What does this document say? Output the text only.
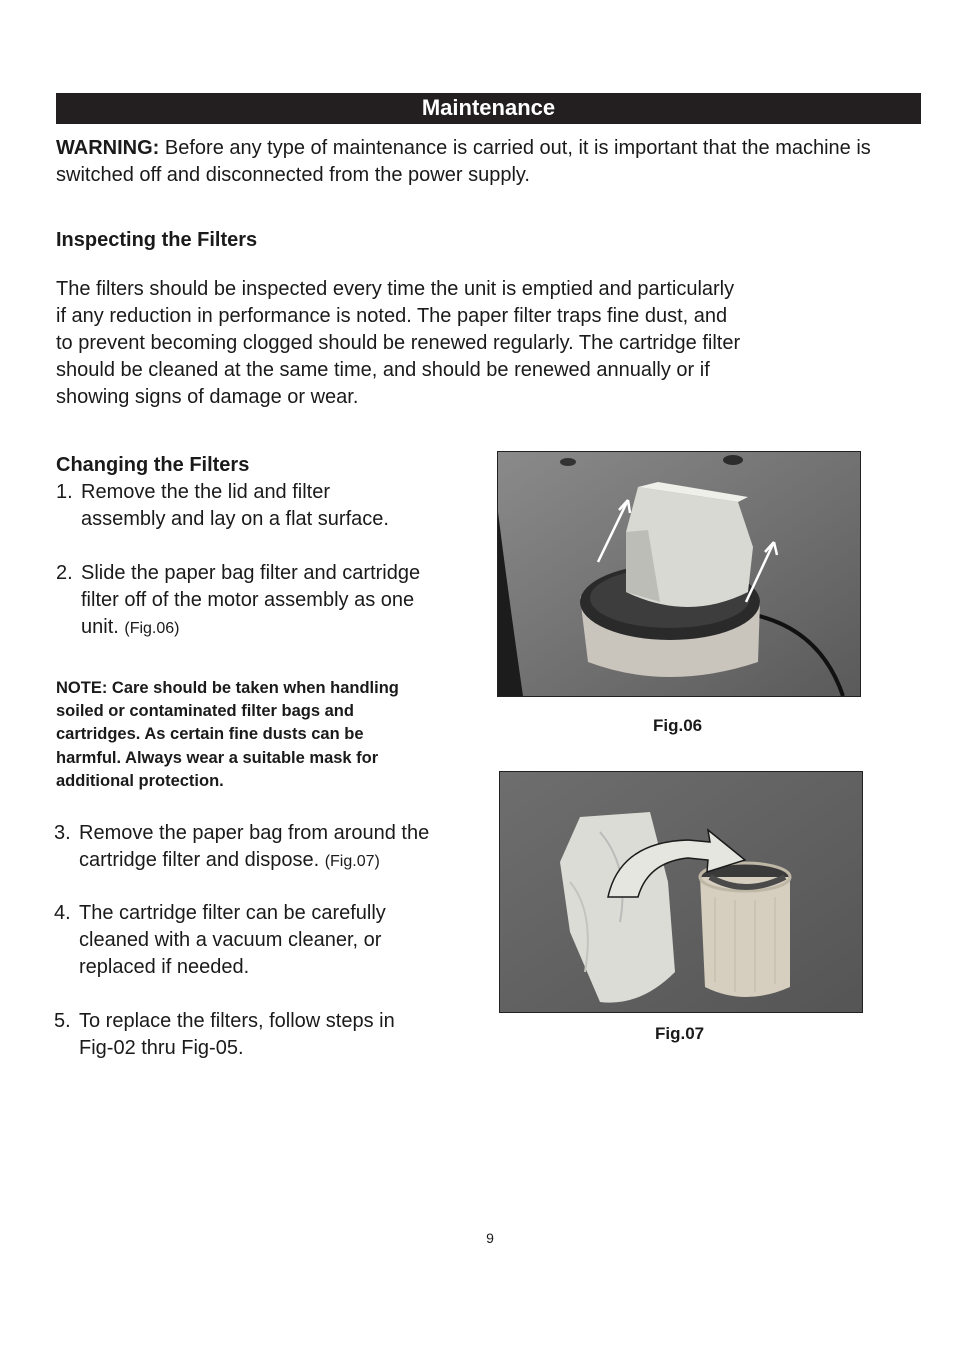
Maintenance
WARNING: Before any type of maintenance is carried out, it is important that the machine is switched off and disconnected from the power supply.
Inspecting the Filters
The filters should be inspected every time the unit is emptied and particularly
if any reduction in performance is noted. The paper filter traps fine dust, and
to prevent becoming clogged should be renewed regularly. The cartridge filter
should be cleaned at the same time, and should be renewed annually or if
showing signs of damage or wear.
Changing the Filters
1. Remove the the lid and filter
assembly and lay on a flat surface.
2. Slide the paper bag filter and cartridge
filter off of the motor assembly as one
unit. (Fig.06)
NOTE: Care should be taken when handling
soiled or contaminated filter bags and
cartridges. As certain fine dusts can be
harmful. Always wear a suitable mask for
additional protection.
3. Remove the paper bag from around the
cartridge filter and dispose. (Fig.07)
4. The cartridge filter can be carefully
cleaned with a vacuum cleaner, or
replaced if needed.
5. To replace the filters, follow steps in
Fig-02 thru Fig-05.
Fig.06
Fig.07
9
